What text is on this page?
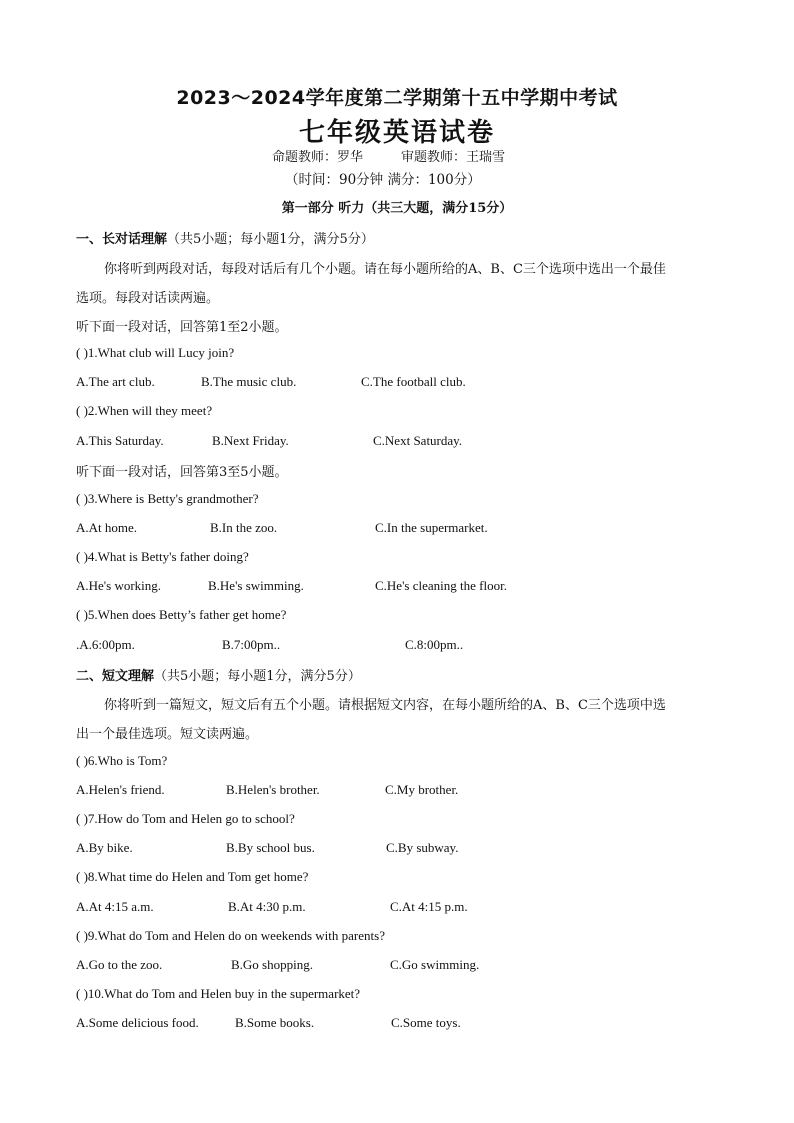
2023～2024学年度第二学期第十五中学期中考试
七年级英语试卷
命题教师：罗华	审题教师：王瑞雪
（时间：90分钟 满分：100分）
第一部分 听力（共三大题，满分15分）
一、长对话理解（共5小题；每小题1分，满分5分）
你将听到两段对话，每段对话后有几个小题。请在每小题所给的A、B、C三个选项中选出一个最佳
选项。每段对话读两遍。
听下面一段对话，回答第1至2小题。
( )1.What club will Lucy join?
A.The art club.	B.The music club.	C.The football club.
( )2.When will they meet?
A.This Saturday.	B.Next Friday.	C.Next Saturday.
听下面一段对话，回答第3至5小题。
( )3.Where is Betty's grandmother?
A.At home.	B.In the zoo.	C.In the supermarket.
( )4.What is Betty's father doing?
A.He's working.	B.He's swimming.	C.He's cleaning the floor.
( )5.When does Betty’s father get home?
.A.6:00pm.	B.7:00pm..	C.8:00pm..
二、短文理解（共5小题；每小题1分，满分5分）
你将听到一篇短文，短文后有五个小题。请根据短文内容，在每小题所给的A、B、C三个选项中选
出一个最佳选项。短文读两遍。
( )6.Who is Tom?
A.Helen's friend.	B.Helen's brother.	C.My brother.
( )7.How do Tom and Helen go to school?
A.By bike.	B.By school bus.	C.By subway.
( )8.What time do Helen and Tom get home?
A.At 4:15 a.m.	B.At 4:30 p.m.	C.At 4:15 p.m.
( )9.What do Tom and Helen do on weekends with parents?
A.Go to the zoo.	B.Go shopping.	C.Go swimming.
( )10.What do Tom and Helen buy in the supermarket?
A.Some delicious food.	B.Some books.	C.Some toys.
